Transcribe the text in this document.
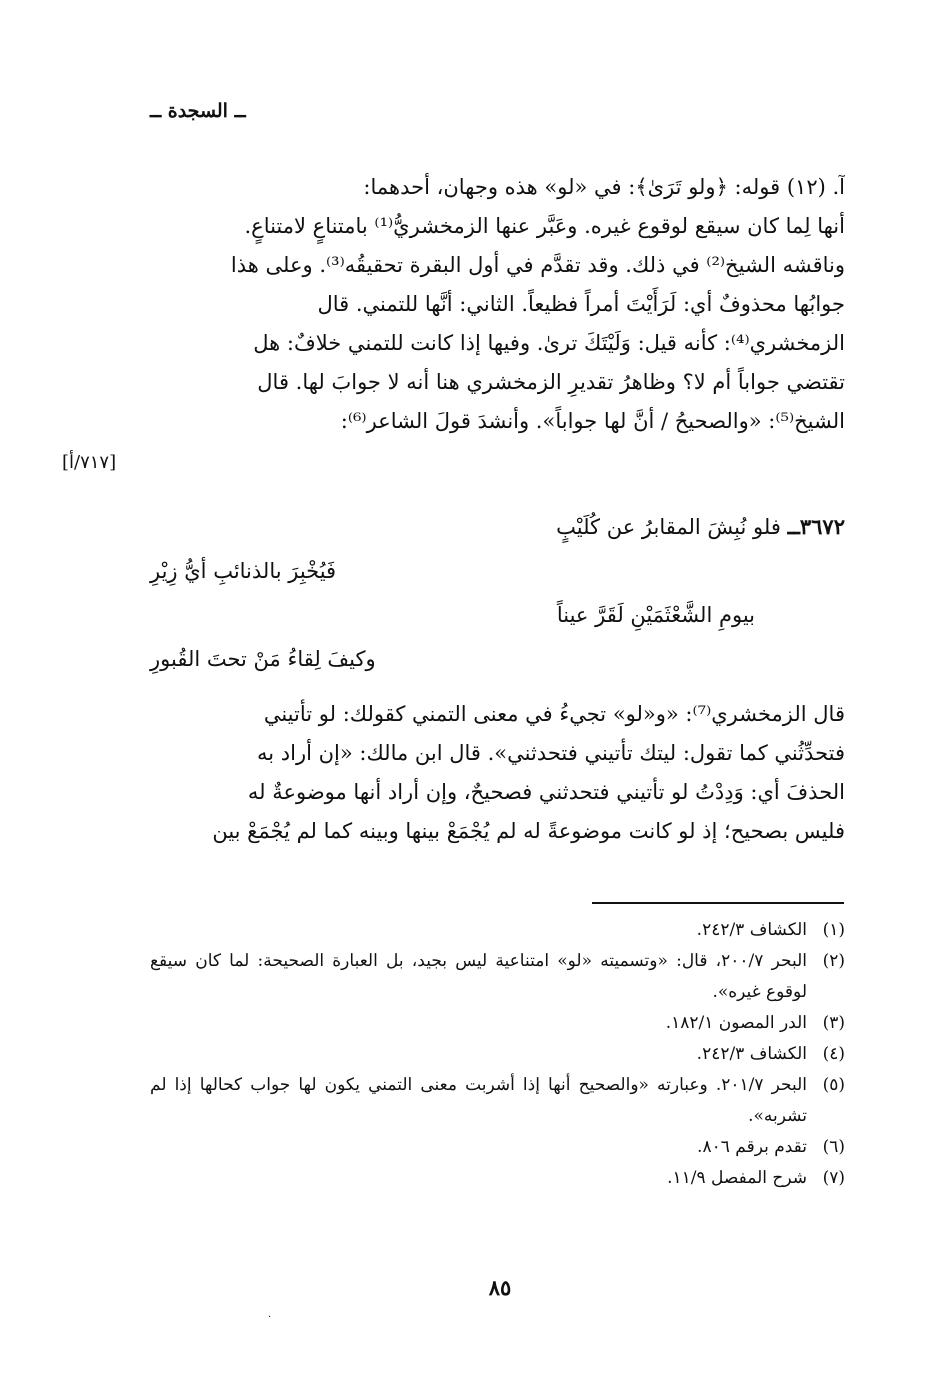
ــ السجدة ــ
آ. (١٢) قوله: ﴿ولو تَرَىٰ﴾: في «لو» هذه وجهان، أحدهما:
أنها لِما كان سيقع لوقوع غيره. وعَبَّر عنها الزمخشريُّ⁽¹⁾ بامتناعٍ لامتناعٍ.
وناقشه الشيخ⁽²⁾ في ذلك. وقد تقدَّم في أول البقرة تحقيقُه⁽³⁾. وعلى هذا
جوابُها محذوفٌ أي: لَرَأَيْتَ أمراً فظيعاً. الثاني: أنَّها للتمني. قال
الزمخشري⁽⁴⁾: كأنه قيل: وَلَيْتَكَ ترىٰ. وفيها إذا كانت للتمني خلافٌ: هل
تقتضي جواباً أم لا؟ وظاهرُ تقديرِ الزمخشري هنا أنه لا جوابَ لها. قال
الشيخ⁽⁵⁾: «والصحيحُ / أنَّ لها جواباً». وأنشدَ قولَ الشاعر⁽⁶⁾:
[٧١٧/أ]
٣٦٧٢ــ فلو نُبِشَ المقابرُ عن كُلَيْبٍ
فَيُخْبِرَ بالذنائبِ أيُّ زِيْرِ
بيومِ الشَّعْثَمَيْنِ لَقَرَّ عيناً
وكيفَ لِقاءُ مَنْ تحتَ القُبورِ
قال الزمخشري⁽⁷⁾: «و«لو» تجيءُ في معنى التمني كقولك: لو تأتيني
فتحدِّثُني كما تقول: ليتك تأتيني فتحدثني». قال ابن مالك: «إن أراد به
الحذفَ أي: وَدِدْتُ لو تأتيني فتحدثني فصحيحٌ، وإن أراد أنها موضوعةٌ له
فليس بصحيح؛ إذ لو كانت موضوعةً له لم يُجْمَعْ بينها وبينه كما لم يُجْمَعْ بين
(١)
الكشاف ٢٤٢/٣.
(٢)
البحر ٢٠٠/٧، قال: «وتسميته «لو» امتناعية ليس بجيد، بل العبارة الصحيحة: لما كان سيقع لوقوع غيره».
(٣)
الدر المصون ١٨٢/١.
(٤)
الكشاف ٢٤٢/٣.
(٥)
البحر ٢٠١/٧. وعبارته «والصحيح أنها إذا أشربت معنى التمني يكون لها جواب كحالها إذا لم تشربه».
(٦)
تقدم برقم ٨٠٦.
(٧)
شرح المفصل ١١/٩.
٨٥
·
